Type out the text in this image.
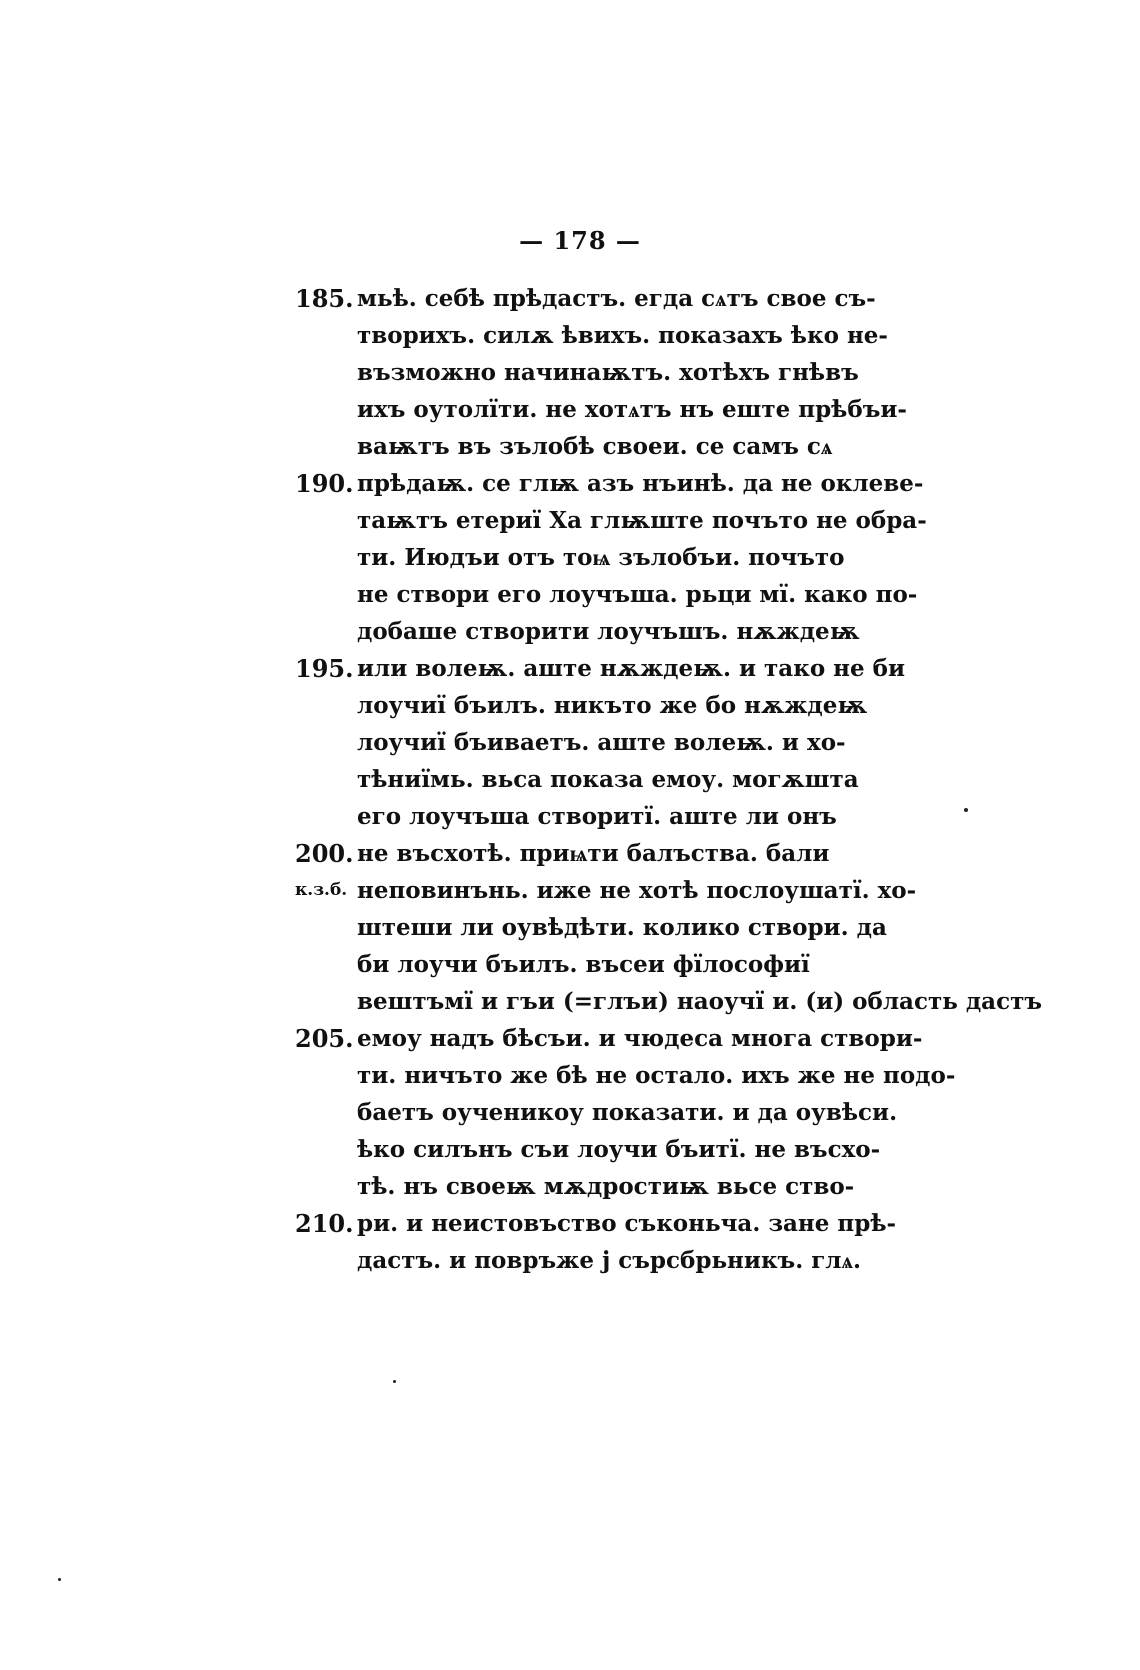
— 178 —
185. мьѣ. себѣ прѣдастъ. егда сѧтъ свое съ-
творихъ. силѫ ѣвихъ. показахъ ѣко не-
възможно начинаѭтъ. хотѣхъ гнѣвъ
ихъ оутолїти. не хотѧтъ нъ еште прѣбъи-
ваѭтъ въ зълобѣ своеи. се самъ сѧ
190. прѣдаѭ. се глѭ азъ нъинѣ. да не оклеве-
таѭтъ етериї Ха глѭште почъто не обра-
ти. Июдъи отъ тоѩ зълобъи. почъто
не створи его лоучъша. рьци мї. како по-
добаше створити лоучъшъ. нѫждеѭ
195. или волеѭ. аште нѫждеѭ. и тако не би
лоучиї бъилъ. никъто же бо нѫждеѭ
лоучиї бъиваетъ. аште волеѭ. и хо-
тѣниїмь. вьса показа емоу. могѫшта
его лоучъша створитї. аште ли онъ
200. не въсхотѣ. приѩти балъства. бали
к.з.б. неповинънь. иже не хотѣ послоушатї. хо-
штеши ли оувѣдѣти. колико створи. да
би лоучи бъилъ. въсеи фїлософиї
вештъмї и гъи (=глъи) наоучї и. (и) область дастъ
205. емоу надъ бѣсъи. и чюдеса многа створи-
ти. ничъто же бѣ не остало. ихъ же не подо-
баетъ оученикоу показати. и да оувѣси.
ѣко силънъ съи лоучи бъитї. не въсхо-
тѣ. нъ своеѭ мѫдростиѭ вьсе ство-
210. ри. и неистовъство съконьча. зане прѣ-
дастъ. и повръже ј сърсбрьникъ. глѧ.
